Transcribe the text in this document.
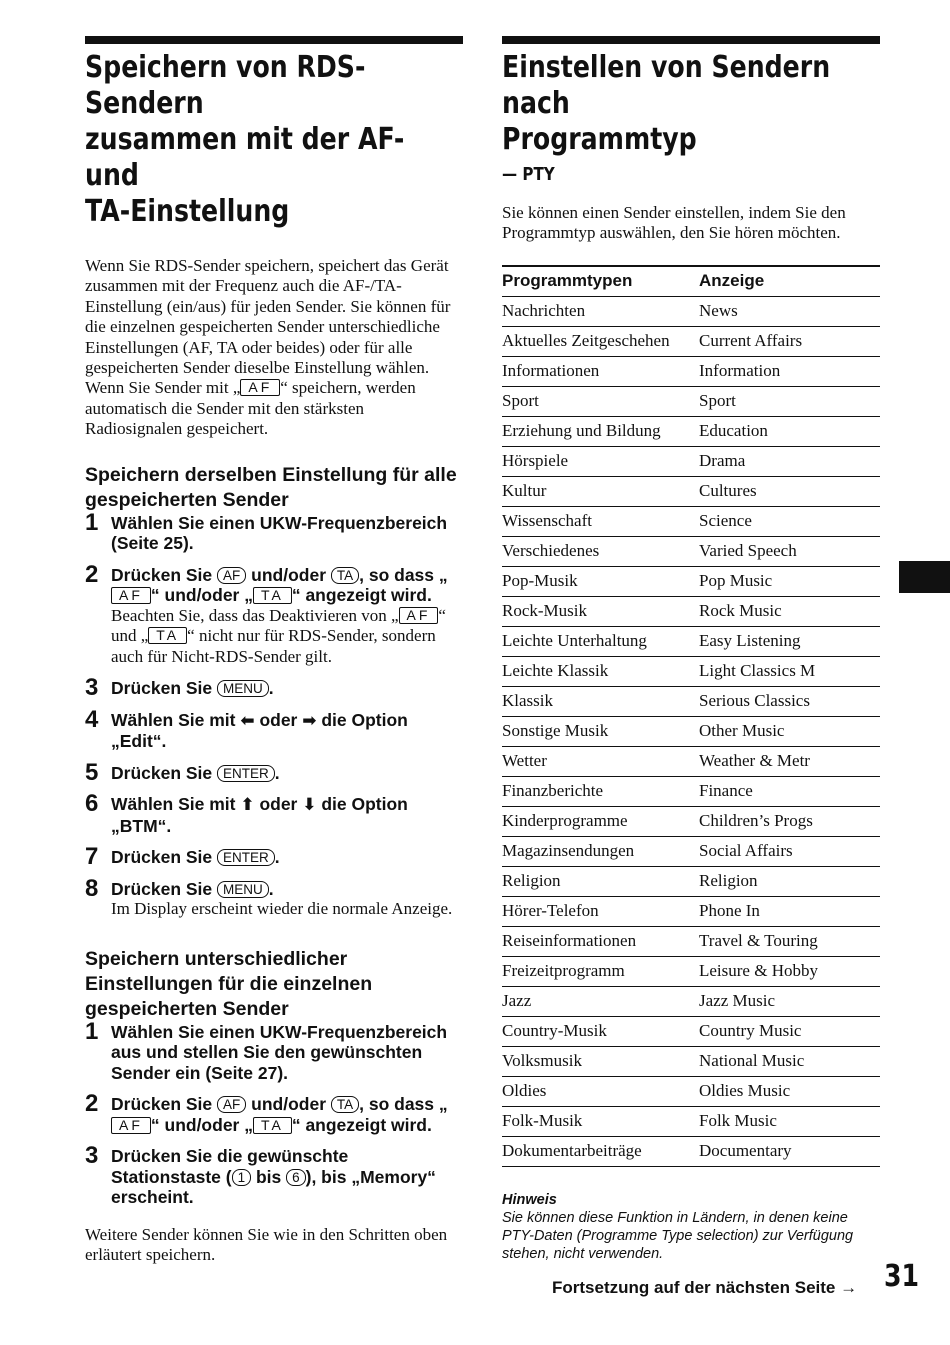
Speichern von RDS-Sendern
zusammen mit der AF- und
TA-Einstellung

Wenn Sie RDS-Sender speichern, speichert das Gerät zusammen mit der Frequenz auch die AF-/TA-Einstellung (ein/aus) für jeden Sender. Sie können für die einzelnen gespeicherten Sender unterschiedliche Einstellungen (AF, TA oder beides) oder für alle gespeicherten Sender dieselbe Einstellung wählen. Wenn Sie Sender mit „ AF “ speichern, werden automatisch die Sender mit den stärksten Radiosignalen gespeichert.

Speichern derselben Einstellung für alle gespeicherten Sender
1 Wählen Sie einen UKW-Frequenzbereich (Seite 25).
2 Drücken Sie AF und/oder TA , so dass „AF “ und/oder „ TA “ angezeigt wird.
Beachten Sie, dass das Deaktivieren von „ AF “ und „ TA “ nicht nur für RDS-Sender, sondern auch für Nicht-RDS-Sender gilt.
3 Drücken Sie MENU .
4 Wählen Sie mit ⬅ oder ➡ die Option „Edit“.
5 Drücken Sie ENTER .
6 Wählen Sie mit ⬆ oder ⬇ die Option „BTM“.
7 Drücken Sie ENTER .
8 Drücken Sie MENU .
Im Display erscheint wieder die normale Anzeige.
Speichern unterschiedlicher Einstellungen für die einzelnen gespeicherten Sender
1 Wählen Sie einen UKW-Frequenzbereich aus und stellen Sie den gewünschten Sender ein (Seite 27).
2 Drücken Sie AF und/oder TA , so dass „AF “ und/oder „ TA “ angezeigt wird.
3 Drücken Sie die gewünschte Stationstaste ( 1 bis 6 ), bis „Memory“ erscheint.

Weitere Sender können Sie wie in den Schritten oben erläutert speichern.

Einstellen von Sendern nach
Programmtyp
— PTY

Sie können einen Sender einstellen, indem Sie den Programmtyp auswählen, den Sie hören möchten.

Programmtypen	Anzeige
Nachrichten	News
Aktuelles Zeitgeschehen	Current Affairs
Informationen	Information
Sport	Sport
Erziehung und Bildung	Education
Hörspiele	Drama
Kultur	Cultures
Wissenschaft	Science
Verschiedenes	Varied Speech
Pop-Musik	Pop Music
Rock-Musik	Rock Music
Leichte Unterhaltung	Easy Listening
Leichte Klassik	Light Classics M
Klassik	Serious Classics
Sonstige Musik	Other Music
Wetter	Weather & Metr
Finanzberichte	Finance
Kinderprogramme	Children’s Progs
Magazinsendungen	Social Affairs
Religion	Religion
Hörer-Telefon	Phone In
Reiseinformationen	Travel & Touring
Freizeitprogramm	Leisure & Hobby
Jazz	Jazz Music
Country-Musik	Country Music
Volksmusik	National Music
Oldies	Oldies Music
Folk-Musik	Folk Music
Dokumentarbeiträge	Documentary
Hinweis
Sie können diese Funktion in Ländern, in denen keine PTY-Daten (Programme Type selection) zur Verfügung stehen, nicht verwenden.
Fortsetzung auf der nächsten Seite → 31
